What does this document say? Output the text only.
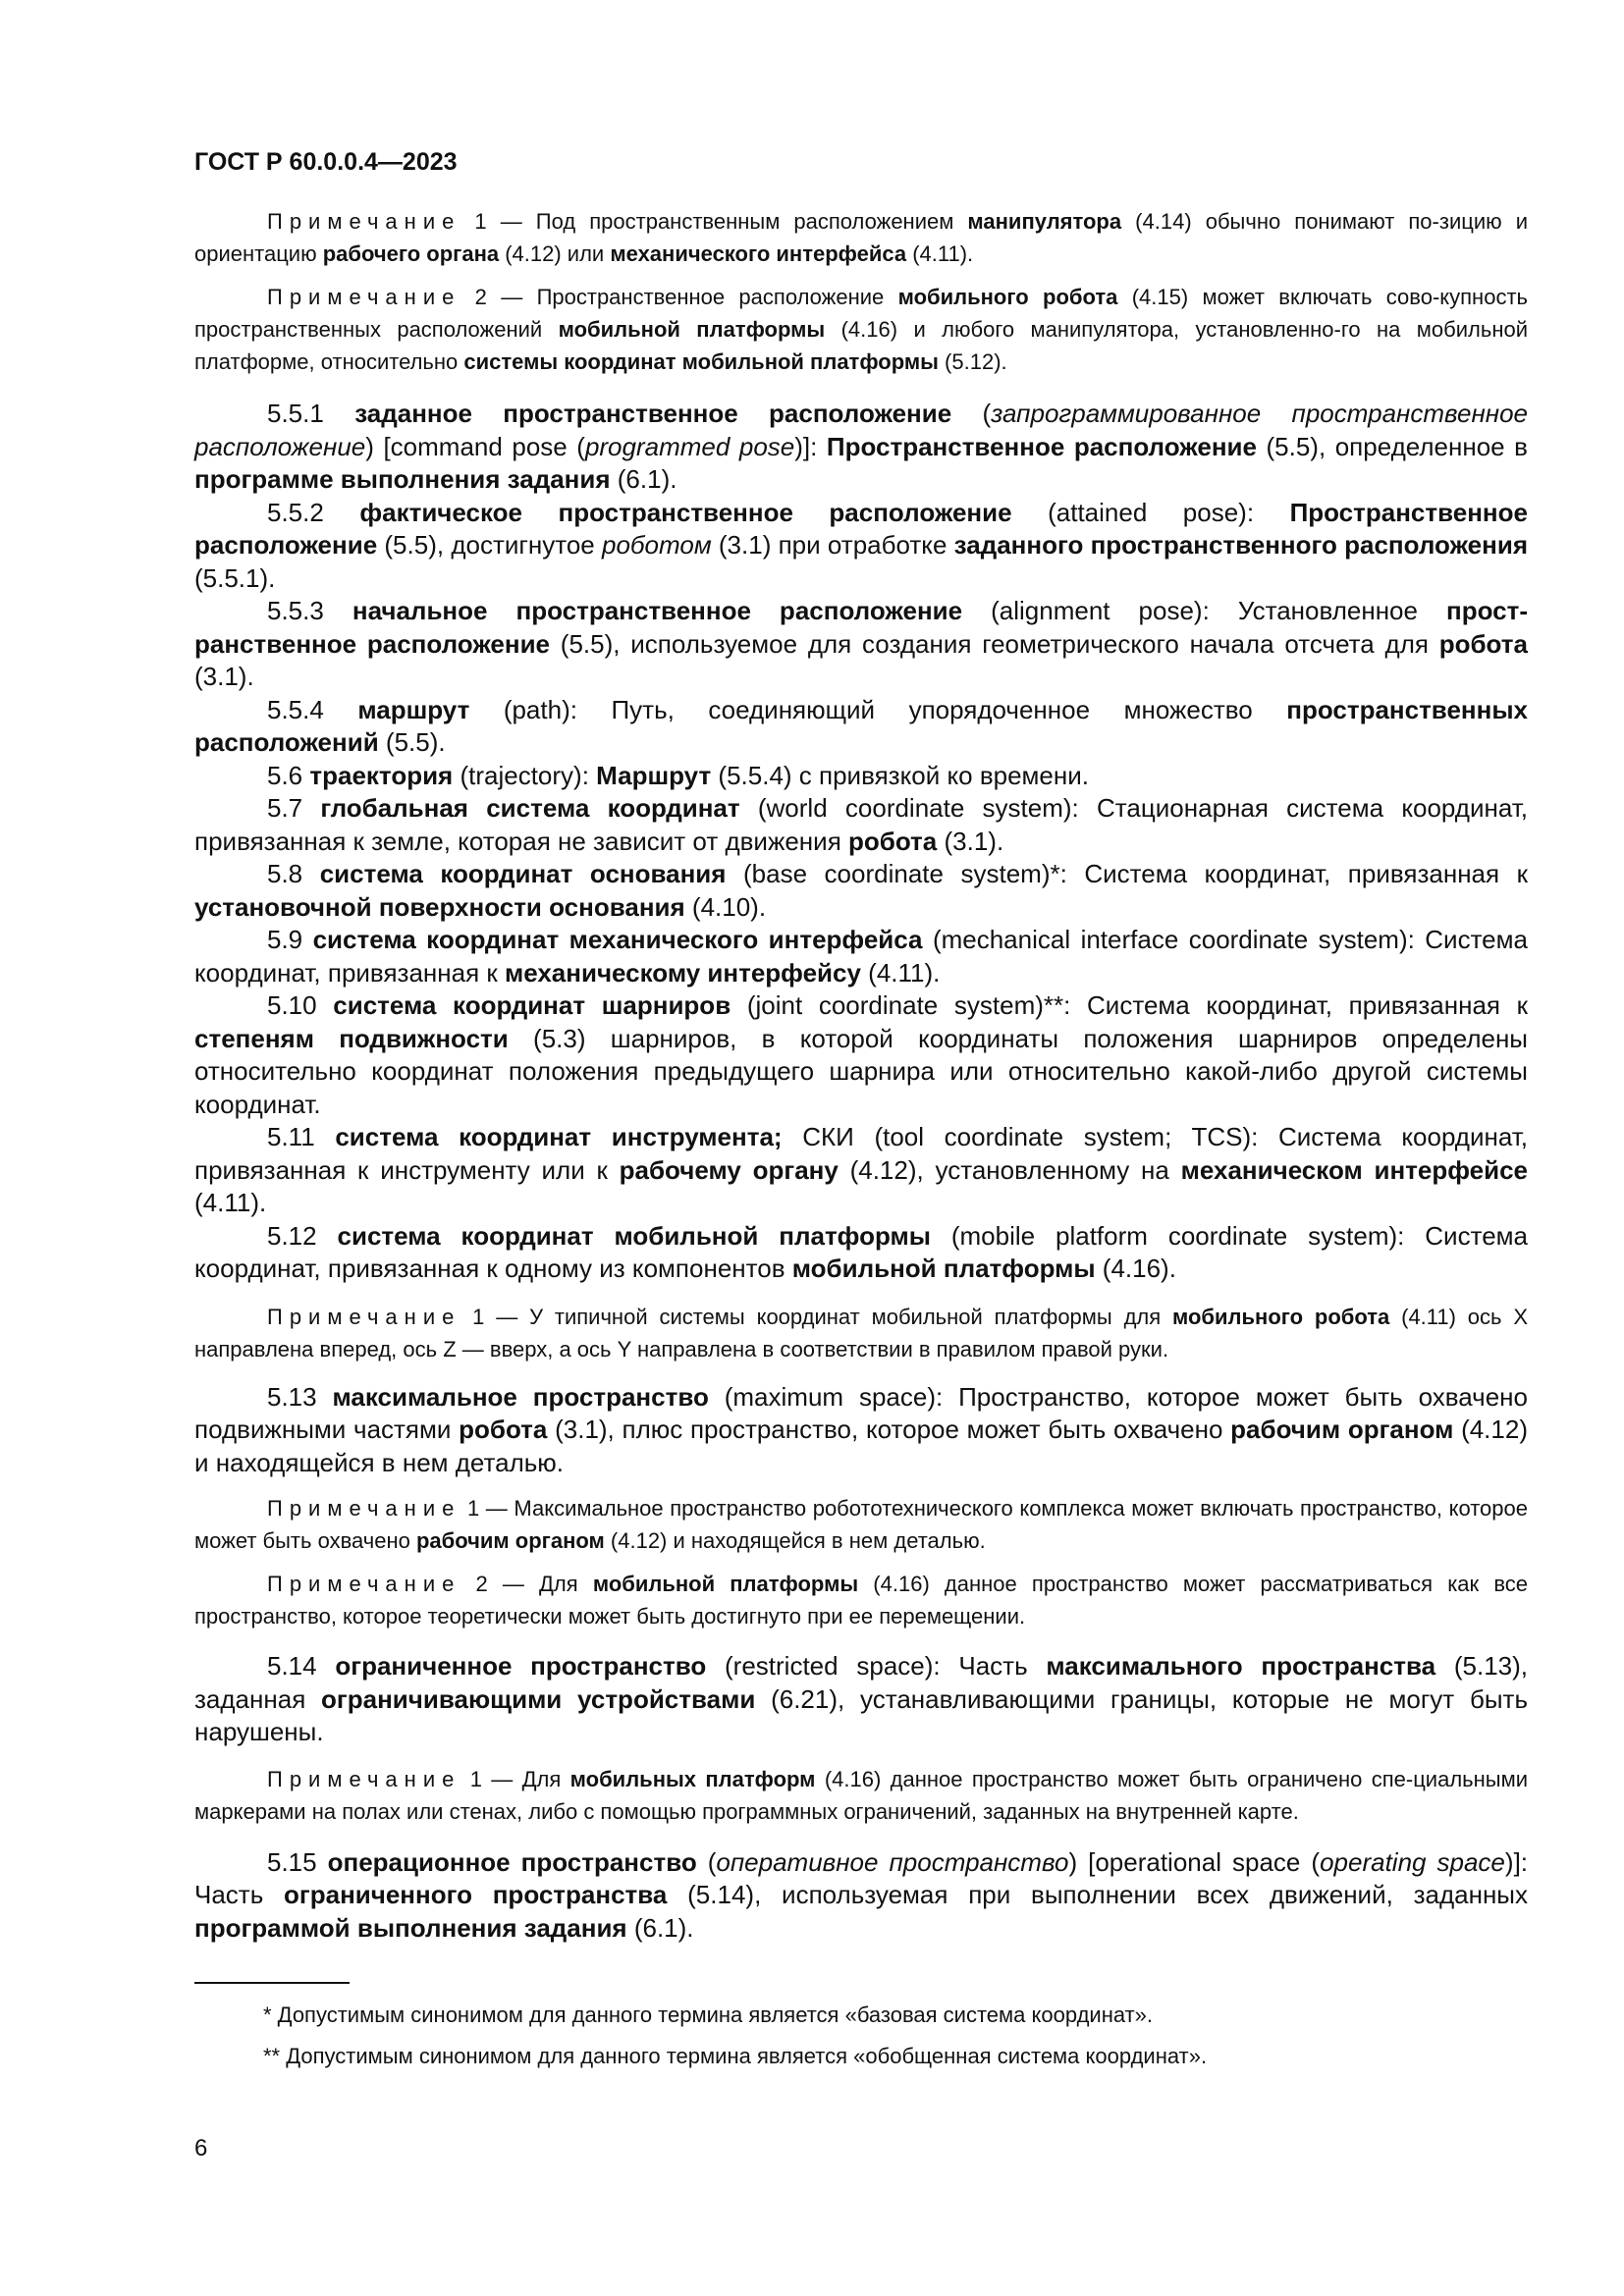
ГОСТ Р 60.0.0.4—2023

Примечание 1 — Под пространственным расположением манипулятора (4.14) обычно понимают по-зицию и ориентацию рабочего органа (4.12) или механического интерфейса (4.11).

Примечание 2 — Пространственное расположение мобильного робота (4.15) может включать сово-купность пространственных расположений мобильной платформы (4.16) и любого манипулятора, установленно-го на мобильной платформе, относительно системы координат мобильной платформы (5.12).

5.5.1 заданное пространственное расположение (запрограммированное пространственное расположение) [command pose (programmed pose)]: Пространственное расположение (5.5), определенное в программе выполнения задания (6.1).

5.5.2 фактическое пространственное расположение (attained pose): Пространственное расположение (5.5), достигнутое роботом (3.1) при отработке заданного пространственного расположения (5.5.1).

5.5.3 начальное пространственное расположение (alignment pose): Установленное прост-ранственное расположение (5.5), используемое для создания геометрического начала отсчета для робота (3.1).

5.5.4 маршрут (path): Путь, соединяющий упорядоченное множество пространственных расположений (5.5).

5.6 траектория (trajectory): Маршрут (5.5.4) с привязкой ко времени.

5.7 глобальная система координат (world coordinate system): Стационарная система координат, привязанная к земле, которая не зависит от движения робота (3.1).

5.8 система координат основания (base coordinate system)*: Система координат, привязанная к установочной поверхности основания (4.10).

5.9 система координат механического интерфейса (mechanical interface coordinate system): Система координат, привязанная к механическому интерфейсу (4.11).

5.10 система координат шарниров (joint coordinate system)**: Система координат, привязанная к степеням подвижности (5.3) шарниров, в которой координаты положения шарниров определены относительно координат положения предыдущего шарнира или относительно какой-либо другой системы координат.

5.11 система координат инструмента; СКИ (tool coordinate system; TCS): Система координат, привязанная к инструменту или к рабочему органу (4.12), установленному на механическом интерфейсе (4.11).

5.12 система координат мобильной платформы (mobile platform coordinate system): Система координат, привязанная к одному из компонентов мобильной платформы (4.16).

Примечание 1 — У типичной системы координат мобильной платформы для мобильного робота (4.11) ось X направлена вперед, ось Z — вверх, а ось Y направлена в соответствии в правилом правой руки.

5.13 максимальное пространство (maximum space): Пространство, которое может быть охвачено подвижными частями робота (3.1), плюс пространство, которое может быть охвачено рабочим органом (4.12) и находящейся в нем деталью.

Примечание 1 — Максимальное пространство робототехнического комплекса может включать пространство, которое может быть охвачено рабочим органом (4.12) и находящейся в нем деталью.

Примечание 2 — Для мобильной платформы (4.16) данное пространство может рассматриваться как все пространство, которое теоретически может быть достигнуто при ее перемещении.

5.14 ограниченное пространство (restricted space): Часть максимального пространства (5.13), заданная ограничивающими устройствами (6.21), устанавливающими границы, которые не могут быть нарушены.

Примечание 1 — Для мобильных платформ (4.16) данное пространство может быть ограничено спе-циальными маркерами на полах или стенах, либо с помощью программных ограничений, заданных на внутренней карте.

5.15 операционное пространство (оперативное пространство) [operational space (operating space)]: Часть ограниченного пространства (5.14), используемая при выполнении всех движений, заданных программой выполнения задания (6.1).

* Допустимым синонимом для данного термина является «базовая система координат».

** Допустимым синонимом для данного термина является «обобщенная система координат».

6
